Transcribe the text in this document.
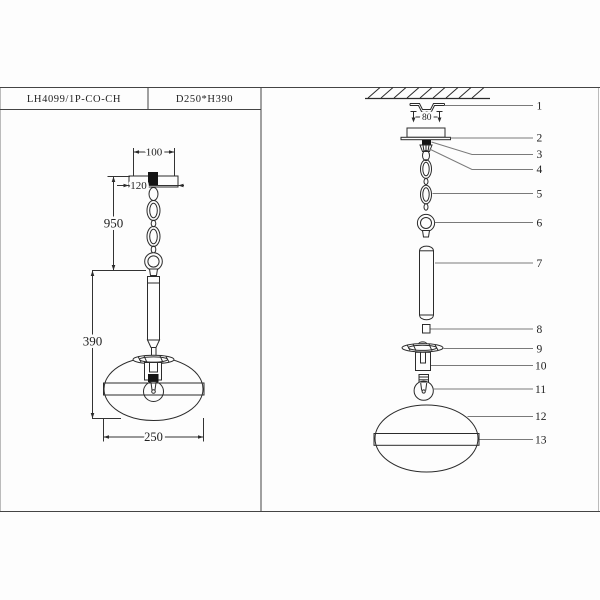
LH4099/1P-CO-CH	D250*H390
100
120
950
390
250
80
1
2
3
4
5
6
7
8
9
10
11
12
13
